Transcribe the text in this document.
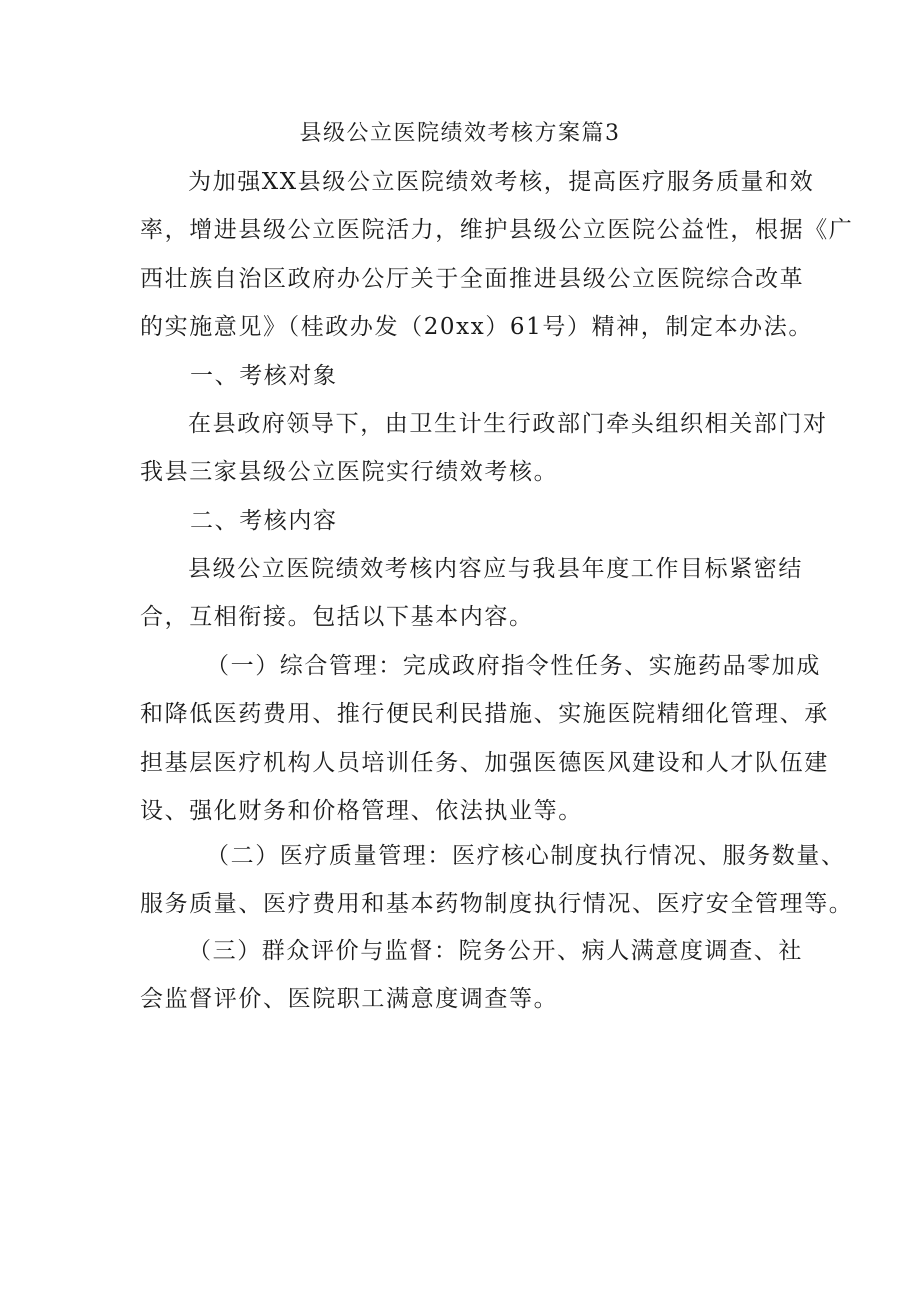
县级公立医院绩效考核方案篇3

为加强XX县级公立医院绩效考核，提高医疗服务质量和效
率，增进县级公立医院活力，维护县级公立医院公益性，根据《广
西壮族自治区政府办公厅关于全面推进县级公立医院综合改革
的实施意见》（桂政办发（20xx）61号）精神，制定本办法。

一、考核对象

在县政府领导下，由卫生计生行政部门牵头组织相关部门对
我县三家县级公立医院实行绩效考核。

二、考核内容

县级公立医院绩效考核内容应与我县年度工作目标紧密结
合，互相衔接。包括以下基本内容。

（一）综合管理：完成政府指令性任务、实施药品零加成
和降低医药费用、推行便民利民措施、实施医院精细化管理、承
担基层医疗机构人员培训任务、加强医德医风建设和人才队伍建
设、强化财务和价格管理、依法执业等。

（二）医疗质量管理：医疗核心制度执行情况、服务数量、
服务质量、医疗费用和基本药物制度执行情况、医疗安全管理等。

（三）群众评价与监督：院务公开、病人满意度调查、社
会监督评价、医院职工满意度调查等。
